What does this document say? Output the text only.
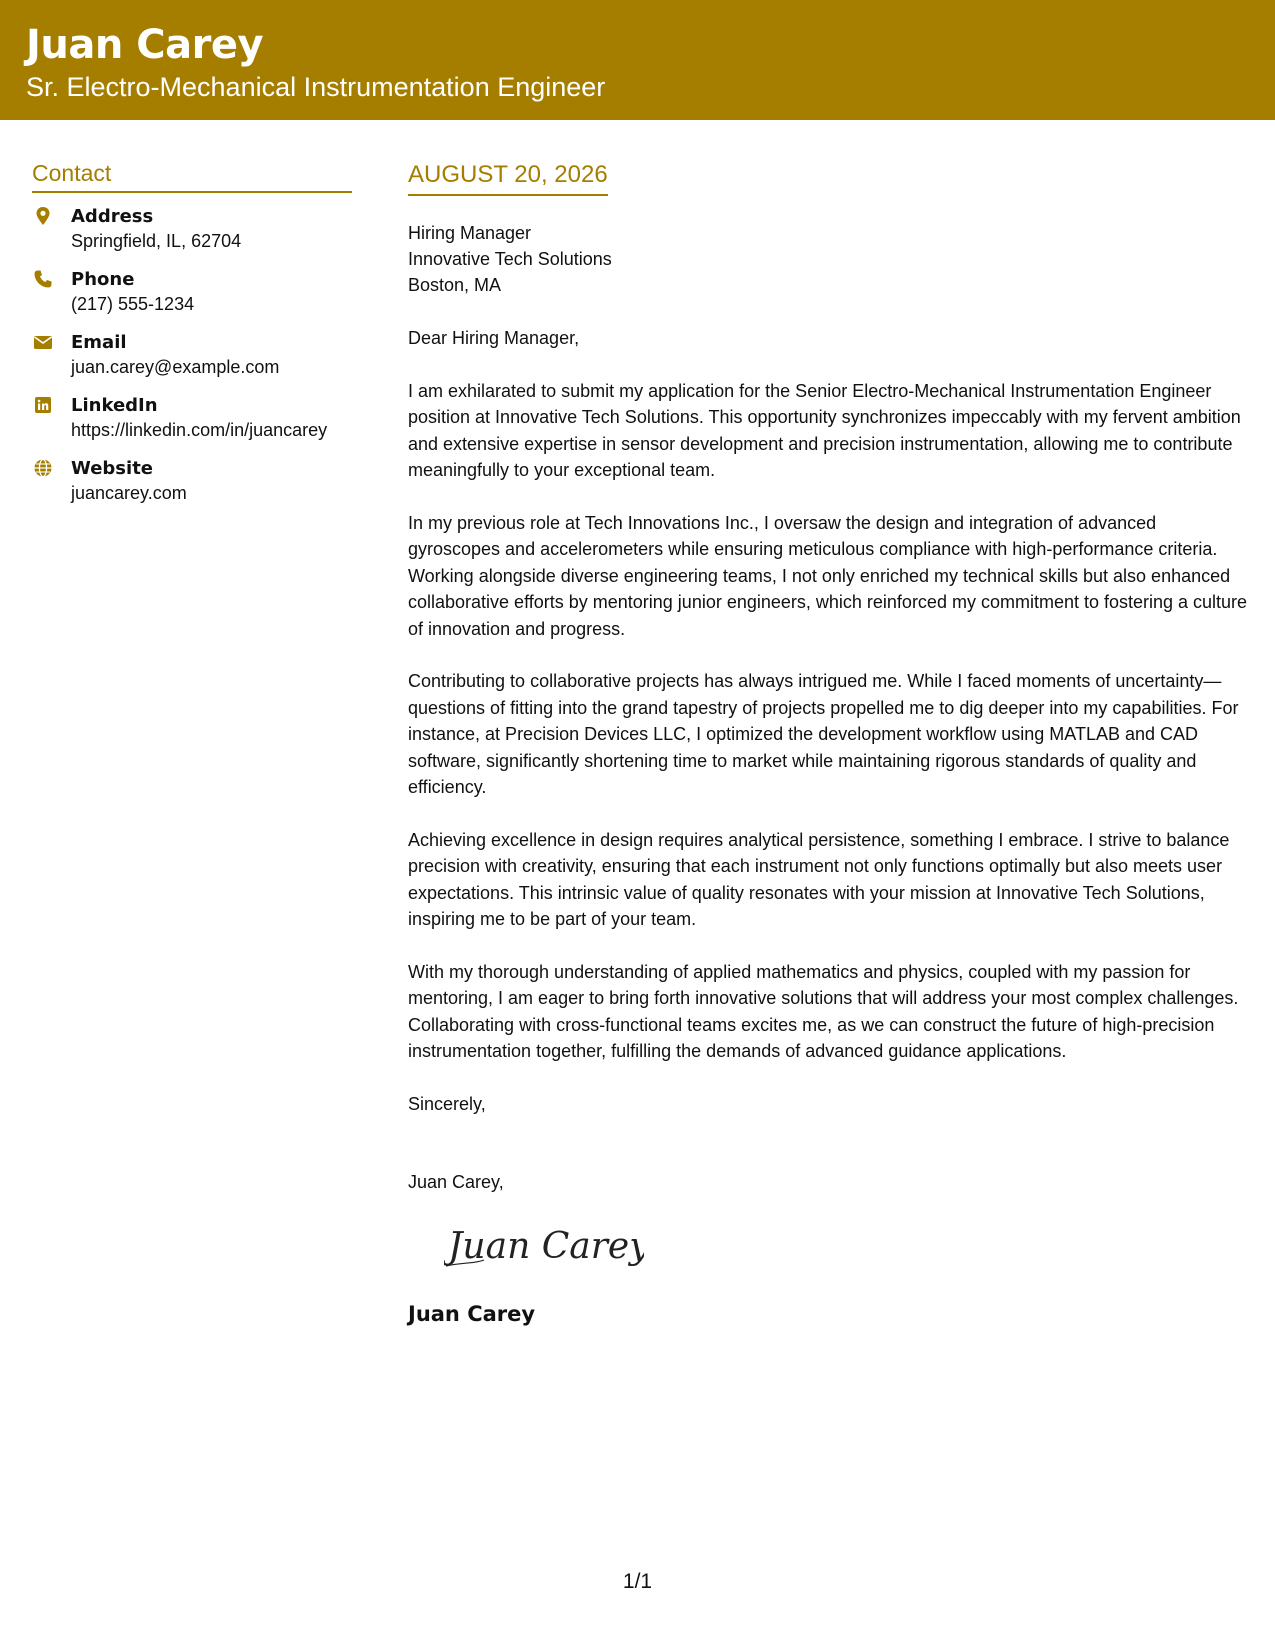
Juan Carey
Sr. Electro-Mechanical Instrumentation Engineer
Contact
Address
Springfield, IL, 62704
Phone
(217) 555-1234
Email
juan.carey@example.com
LinkedIn
https://linkedin.com/in/juancarey
Website
juancarey.com
AUGUST 20, 2026
Hiring Manager
Innovative Tech Solutions
Boston, MA

Dear Hiring Manager,

I am exhilarated to submit my application for the Senior Electro-Mechanical Instrumentation Engineer position at Innovative Tech Solutions. This opportunity synchronizes impeccably with my fervent ambition and extensive expertise in sensor development and precision instrumentation, allowing me to contribute meaningfully to your exceptional team.

In my previous role at Tech Innovations Inc., I oversaw the design and integration of advanced gyroscopes and accelerometers while ensuring meticulous compliance with high-performance criteria. Working alongside diverse engineering teams, I not only enriched my technical skills but also enhanced collaborative efforts by mentoring junior engineers, which reinforced my commitment to fostering a culture of innovation and progress.

Contributing to collaborative projects has always intrigued me. While I faced moments of uncertainty—questions of fitting into the grand tapestry of projects propelled me to dig deeper into my capabilities. For instance, at Precision Devices LLC, I optimized the development workflow using MATLAB and CAD software, significantly shortening time to market while maintaining rigorous standards of quality and efficiency.

Achieving excellence in design requires analytical persistence, something I embrace. I strive to balance precision with creativity, ensuring that each instrument not only functions optimally but also meets user expectations. This intrinsic value of quality resonates with your mission at Innovative Tech Solutions, inspiring me to be part of your team.

With my thorough understanding of applied mathematics and physics, coupled with my passion for mentoring, I am eager to bring forth innovative solutions that will address your most complex challenges. Collaborating with cross-functional teams excites me, as we can construct the future of high-precision instrumentation together, fulfilling the demands of advanced guidance applications.

Sincerely,
Juan Carey,
Juan Carey
Juan Carey
1/1
